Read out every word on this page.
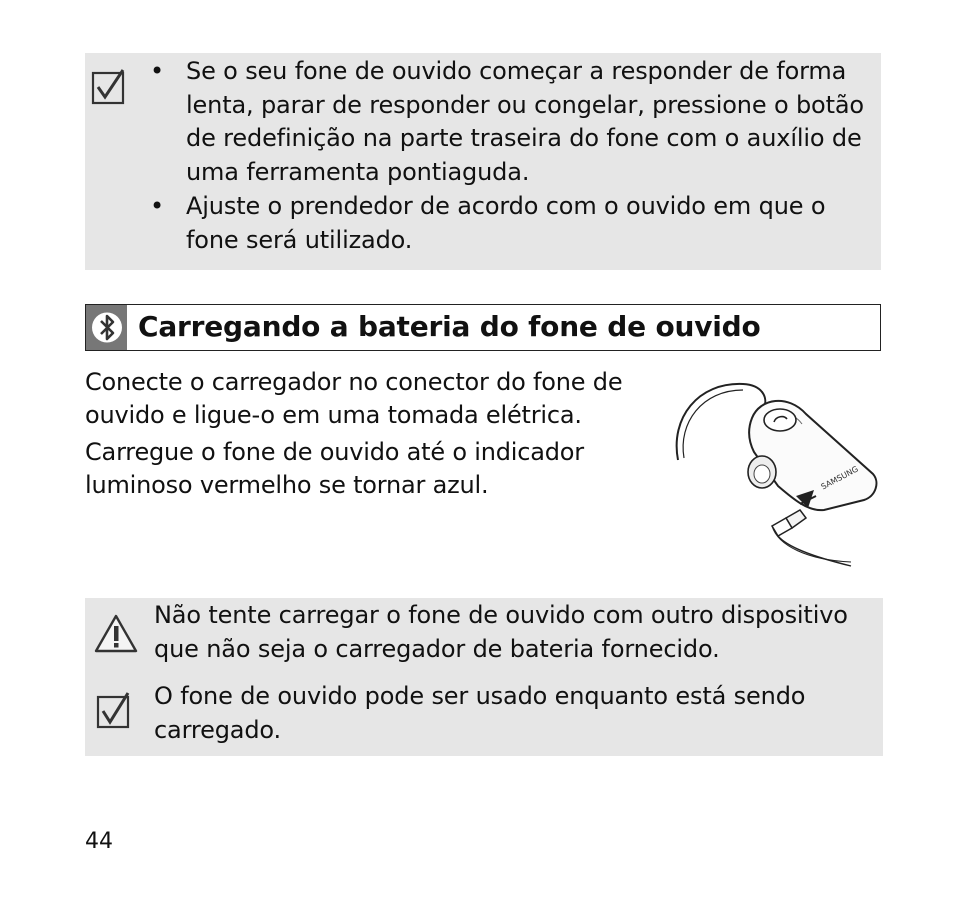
• Se o seu fone de ouvido começar a responder de forma lenta, parar de responder ou congelar, pressione o botão de redefinição na parte traseira do fone com o auxílio de uma ferramenta pontiaguda.
• Ajuste o prendedor de acordo com o ouvido em que o fone será utilizado.
Carregando a bateria do fone de ouvido

Conecte o carregador no conector do fone de ouvido e ligue-o em uma tomada elétrica.

Carregue o fone de ouvido até o indicador luminoso vermelho se tornar azul.	SAMSUNG

Não tente carregar o fone de ouvido com outro dispositivo que não seja o carregador de bateria fornecido.

O fone de ouvido pode ser usado enquanto está sendo carregado.

44
